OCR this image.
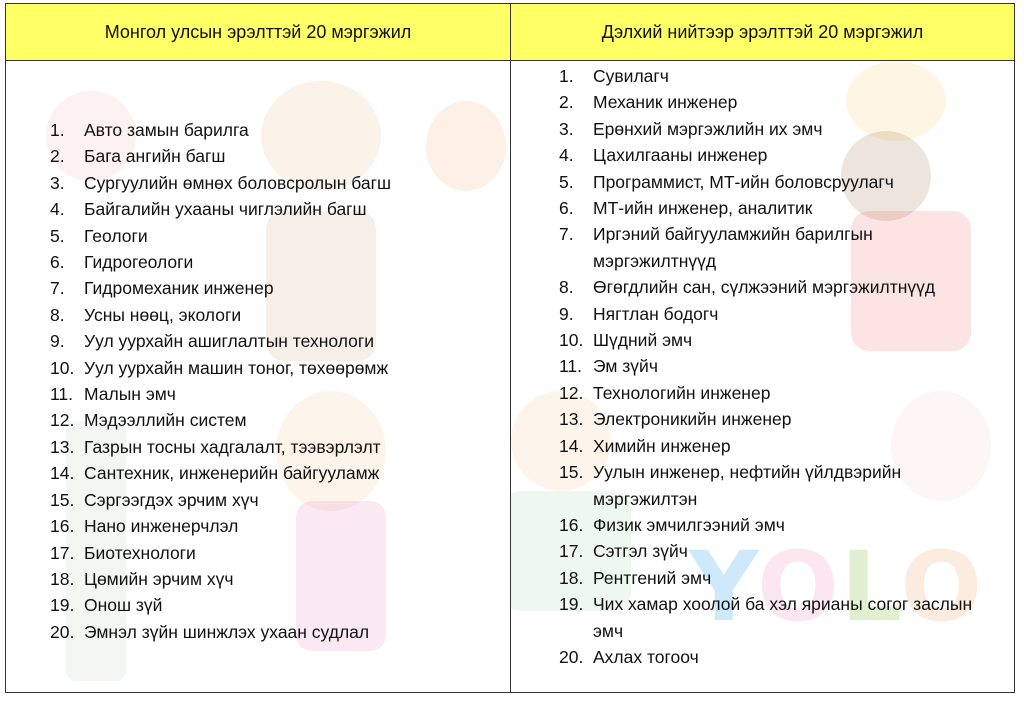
Монгол улсын эрэлттэй 20 мэргэжил	Дэлхий нийтээр эрэлттэй 20 мэргэжил
1.	Авто замын барилга
2.	Бага ангийн багш
3.	Сургуулийн өмнөх боловсролын багш
4.	Байгалийн ухааны чиглэлийн багш
5.	Геологи
6.	Гидрогеологи
7.	Гидромеханик инженер
8.	Усны нөөц, экологи
9.	Уул уурхайн ашиглалтын технологи
10. Уул уурхайн машин тоног, төхөөрөмж
11. Малын эмч
12. Мэдээллийн систем
13. Газрын тосны хадгалалт, тээвэрлэлт
14. Сантехник, инженерийн байгууламж
15. Сэргээгдэх эрчим хүч
16. Нано инженерчлэл
17. Биотехнологи
18. Цөмийн эрчим хүч
19. Онош зүй
20. Эмнэл зүйн шинжлэх ухаан судлал	YOLO
1.	Сувилагч
2.	Механик инженер
3.	Ерөнхий мэргэжлийн их эмч
4.	Цахилгааны инженер
5.	Программист, МТ-ийн боловсруулагч
6.	МТ-ийн инженер, аналитик
7.	Иргэний байгууламжийн барилгын мэргэжилтнүүд
8.	Өгөгдлийн сан, сүлжээний мэргэжилтнүүд
9.	Нягтлан бодогч
10. Шүдний эмч
11. Эм зүйч
12. Технологийн инженер
13. Электроникийн инженер
14. Химийн инженер
15. Уулын инженер, нефтийн үйлдвэрийн мэргэжилтэн
16. Физик эмчилгээний эмч
17. Сэтгэл зүйч
18. Рентгений эмч
19. Чих хамар хоолой ба хэл ярианы согог заслын эмч
20. Ахлах тогооч
